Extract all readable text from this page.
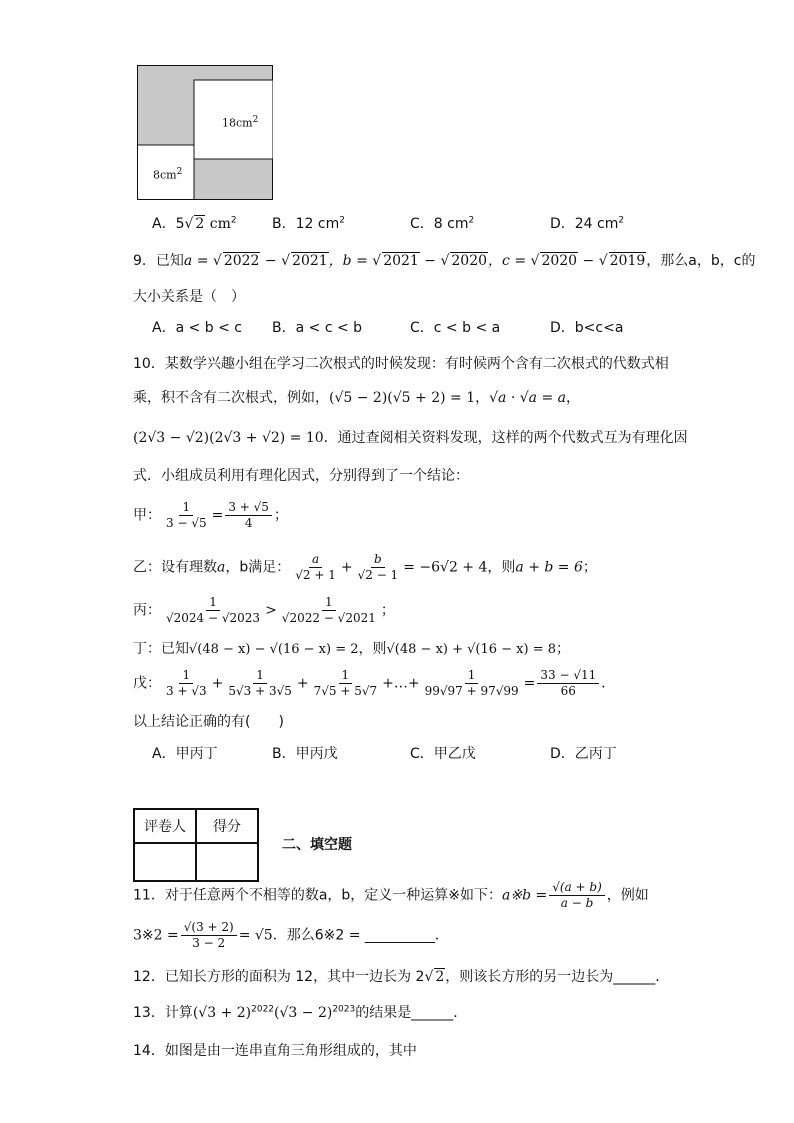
$18cm^2$
$8cm^2$
A．5√ 2 $cm^2$	B．12 $cm^2$	C．8 $cm^2$	D．24 $cm^2$
9．已知a = √ 2022 − √ 2021，b = √ 2021 − √ 2020，c = √ 2020 − √ 2019，那么a，b，c的
大小关系是（　）
A．a < b < c B．a < c < b	C．c < b < a	D．b<c<a
10．某数学兴趣小组在学习二次根式的时候发现：有时候两个含有二次根式的代数式相
乘，积不含有二次根式，例如，(√5 − 2)(√5 + 2) = 1，√a · √a = a，
(2√3 − √2)(2√3 + √2) = 10．通过查阅相关资料发现，这样的两个代数式互为有理化因
式．小组成员利用有理化因式，分别得到了一个结论：
甲： $\frac{1}{3 - √5} = \frac{3 + √5}{4}$ ；
乙：设有理数a，b满足： $\frac{a}{√2 + 1} + \frac{b}{√2 - 1} = -6√2 + 4$，则a + b = 6；
丙： $\frac{1}{√2024 - √2023} > \frac{1}{√2022 - √2021}$ ；
丁：已知√(48 − x) − √(16 − x) = 2，则√(48 − x) + √(16 − x) = 8；
戊： $\frac{1}{3 + √3} + \frac{1}{5√3 + 3√5} + \frac{1}{7√5 + 5√7}$ +…+ $\frac{1}{99√97 + 97√99} = \frac{33 - √11}{66}$ ．
以上结论正确的有(　　)
A．甲丙丁	B．甲丙戊	C．甲乙戊	D．乙丙丁
评卷人	得分

二、填空题
11．对于任意两个不相等的数a，b，定义一种运算※如下：a※b = $\frac{√(a + b)}{a - b}$ ，例如
3※2 = $\frac{√(3 + 2)}{3 - 2} = √5$．那么6※2 = __________．
12．已知长方形的面积为 12，其中一边长为 2√ 2，则该长方形的另一边长为______．
13．计算$(√3 + 2)^{2022}(√3 - 2)^{2023}$的结果是______．
14．如图是由一连串直角三角形组成的，其中
